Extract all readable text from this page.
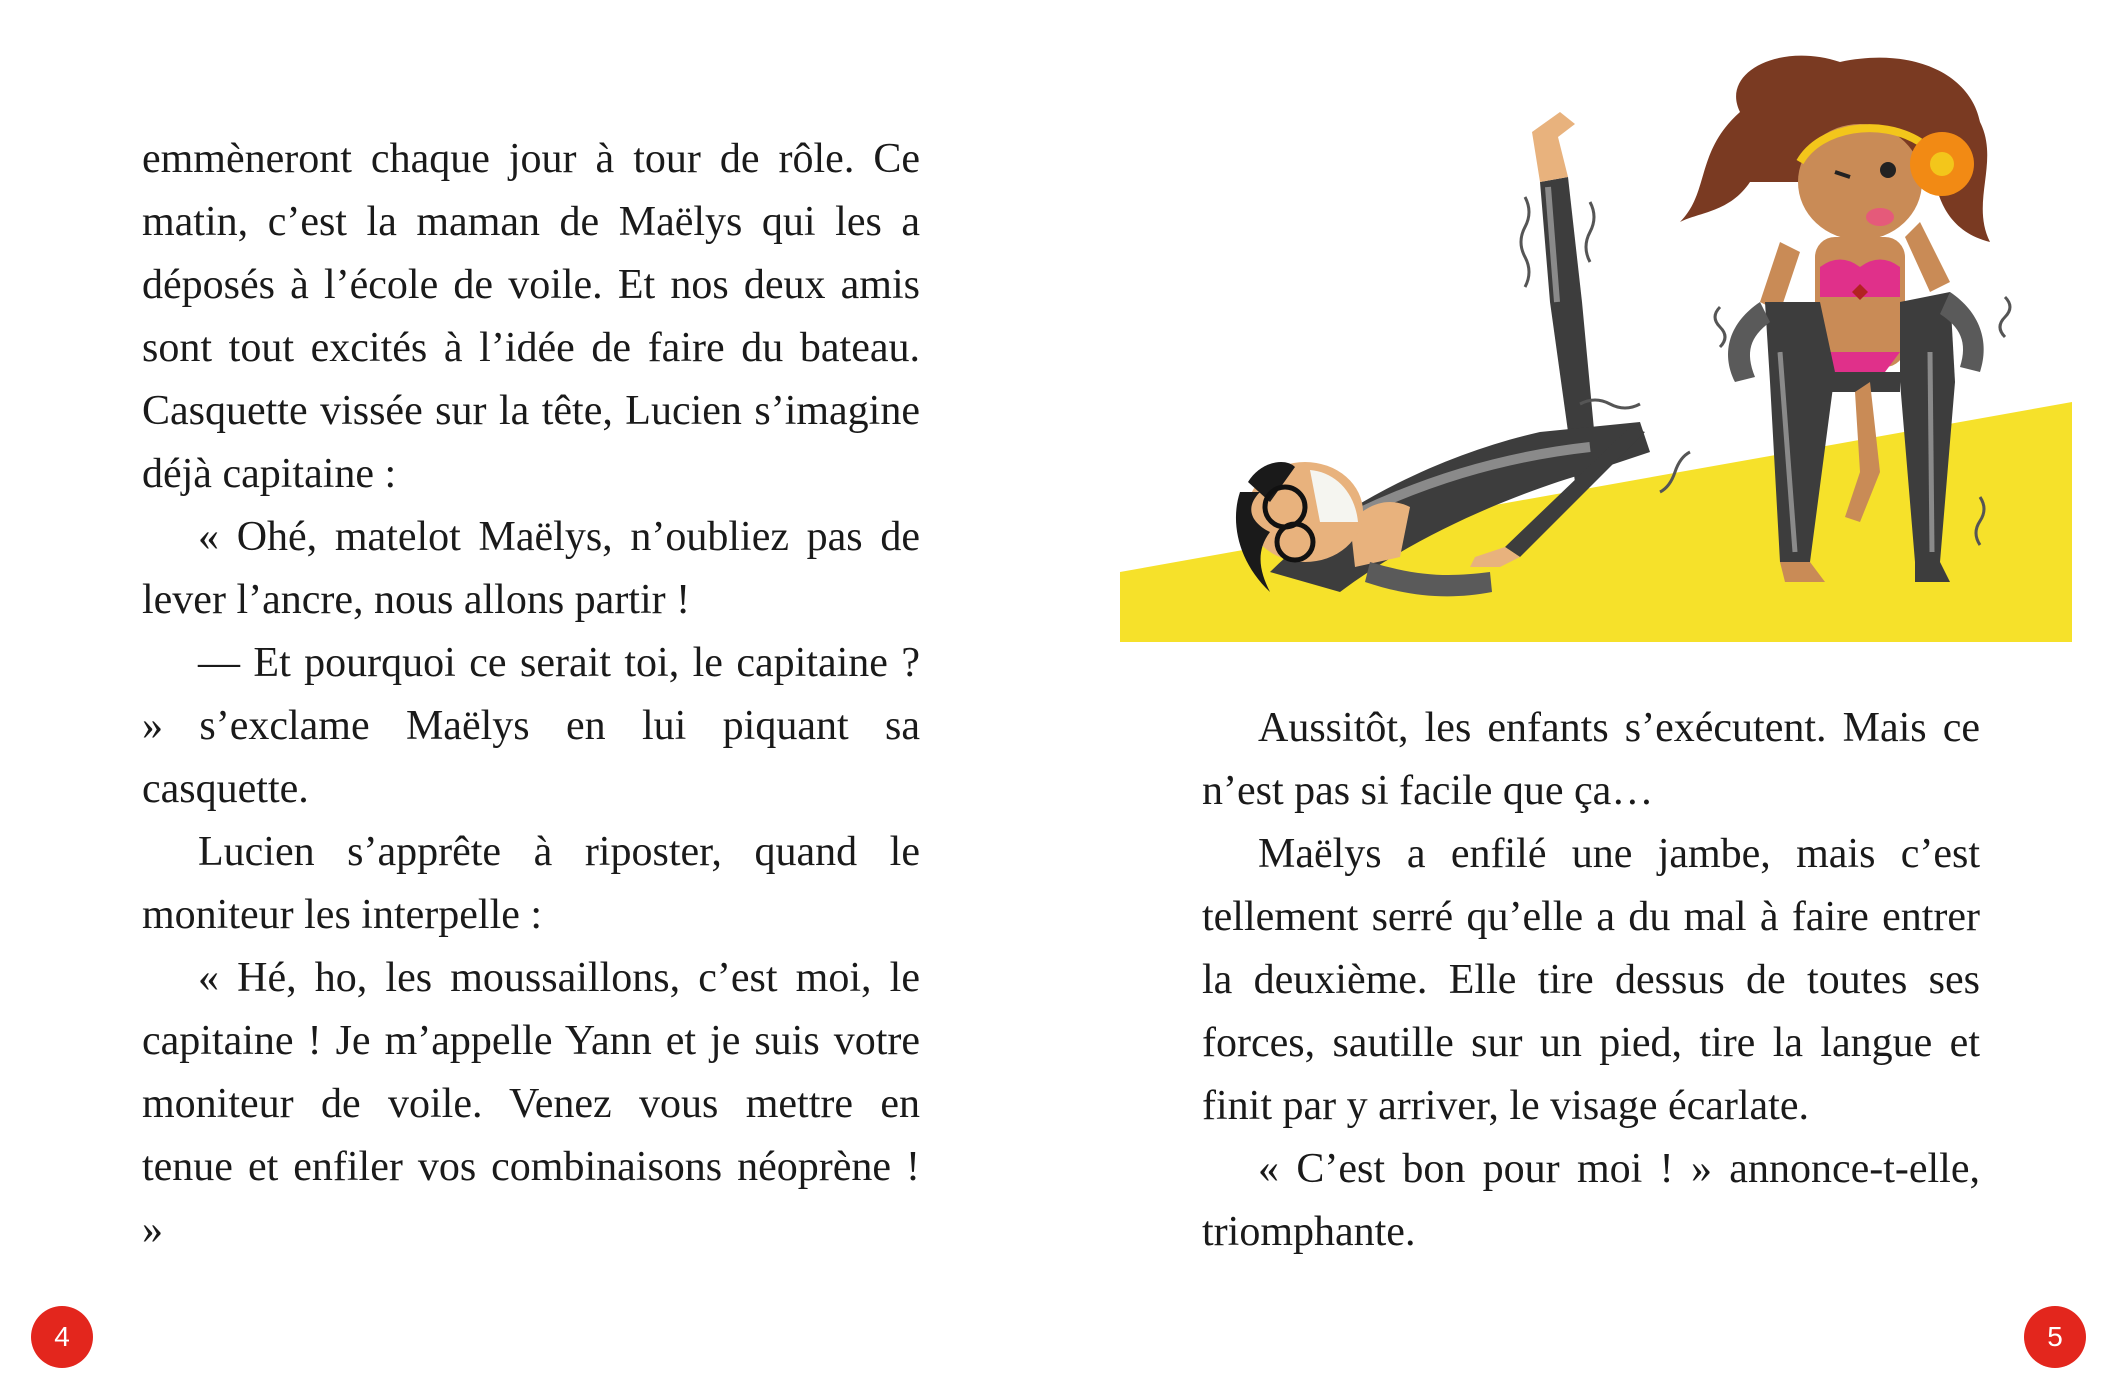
emmèneront chaque jour à tour de rôle. Ce matin, c’est la maman de Maëlys qui les a déposés à l’école de voile. Et nos deux amis sont tout excités à l’idée de faire du bateau. Casquette vissée sur la tête, Lucien s’imagine déjà capitaine :

« Ohé, matelot Maëlys, n’oubliez pas de lever l’ancre, nous allons partir !

— Et pourquoi ce serait toi, le capitaine ? » s’exclame Maëlys en lui piquant sa casquette.

Lucien s’apprête à riposter, quand le moniteur les interpelle :

« Hé, ho, les moussaillons, c’est moi, le capitaine ! Je m’appelle Yann et je suis votre moniteur de voile. Venez vous mettre en tenue et enfiler vos combinaisons néoprène ! »

4

Aussitôt, les enfants s’exécutent. Mais ce n’est pas si facile que ça…

Maëlys a enfilé une jambe, mais c’est tellement serré qu’elle a du mal à faire entrer la deuxième. Elle tire dessus de toutes ses forces, sautille sur un pied, tire la langue et finit par y arriver, le visage écarlate.

« C’est bon pour moi ! » annonce-t-elle, triomphante.

5
